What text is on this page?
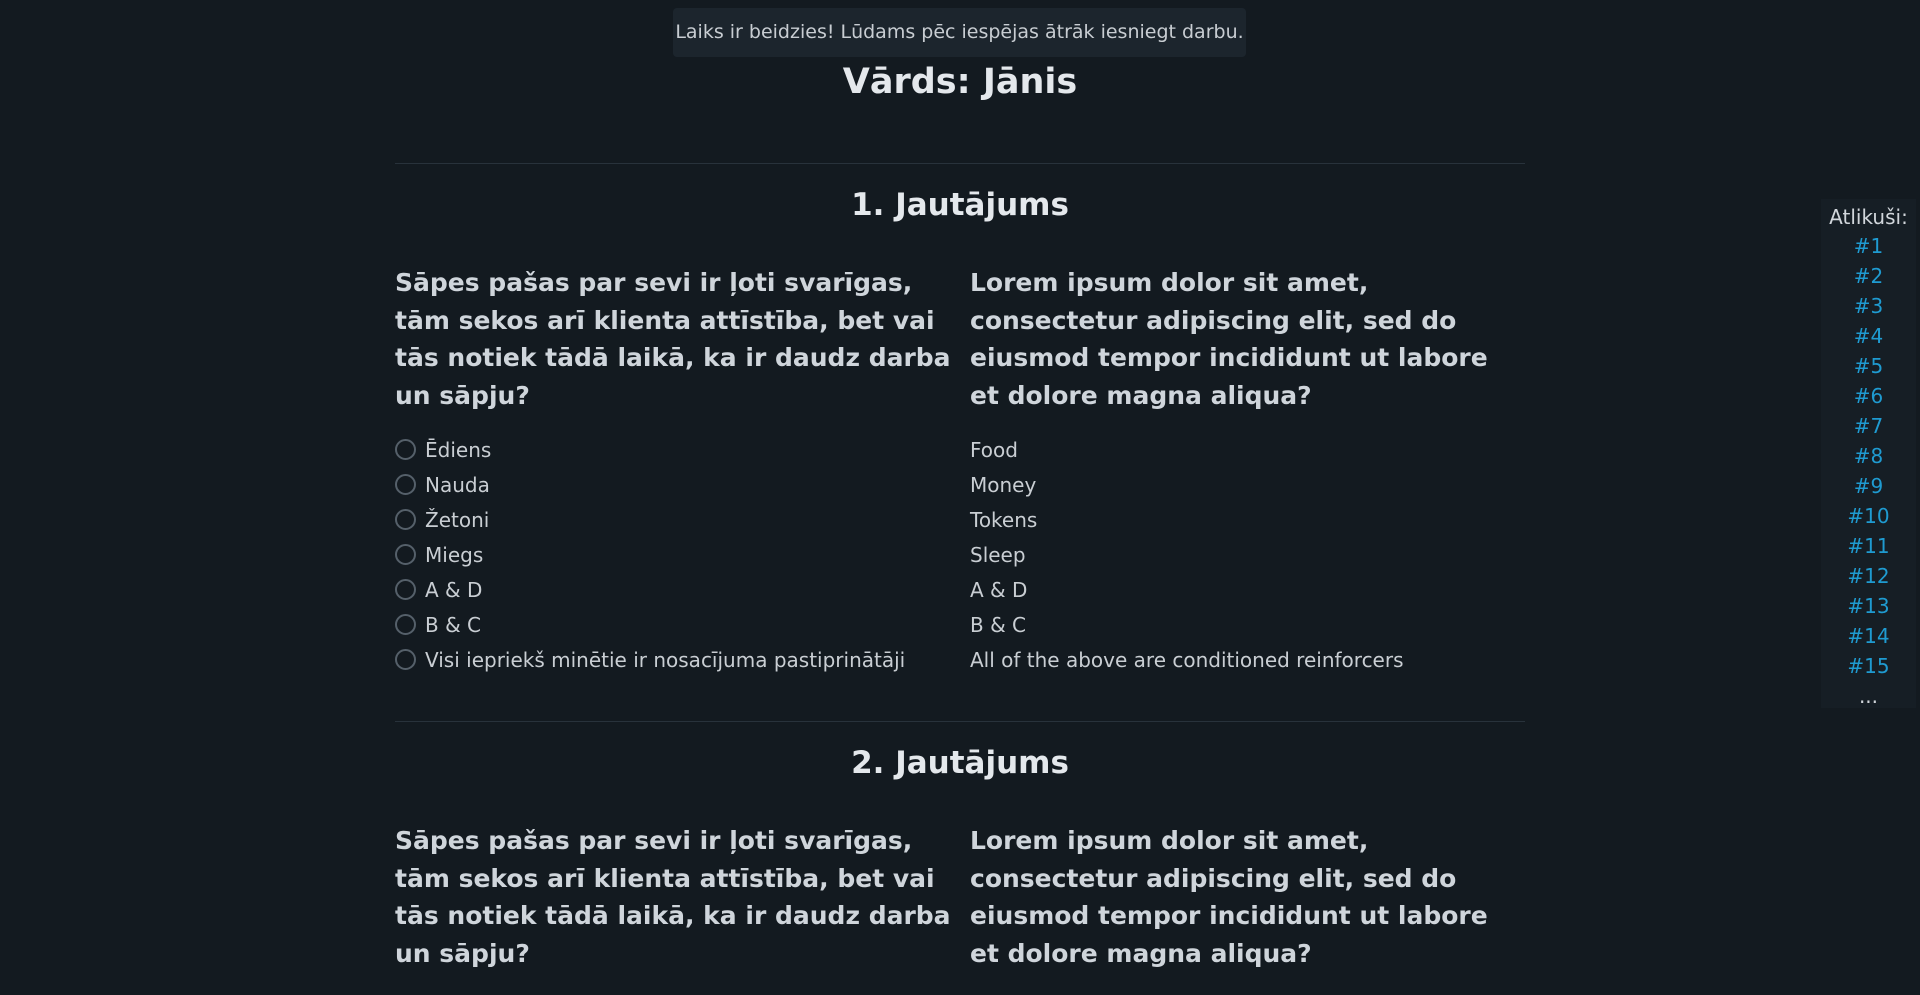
Laiks ir beidzies! Lūdams pēc iespējas ātrāk iesniegt darbu.
Vārds: Jānis
1. Jautājums

Sāpes pašas par sevi ir ļoti svarīgas, tām sekos arī klienta attīstība, bet vai tās notiek tādā laikā, ka ir daudz darba un sāpju?

Ēdiens
Nauda
Žetoni
Miegs
A & D
B & C
Visi iepriekš minētie ir nosacījuma pastiprinātāji

Lorem ipsum dolor sit amet, consectetur adipiscing elit, sed do eiusmod tempor incididunt ut labore et dolore magna aliqua?

Food
Money
Tokens
Sleep
A & D
B & C
All of the above are conditioned reinforcers
2. Jautājums

Sāpes pašas par sevi ir ļoti svarīgas, tām sekos arī klienta attīstība, bet vai tās notiek tādā laikā, ka ir daudz darba un sāpju?

Lorem ipsum dolor sit amet, consectetur adipiscing elit, sed do eiusmod tempor incididunt ut labore et dolore magna aliqua?

Atlikuši:
#1
#2
#3
#4
#5
#6
#7
#8
#9
#10
#11
#12
#13
#14
#15
...
